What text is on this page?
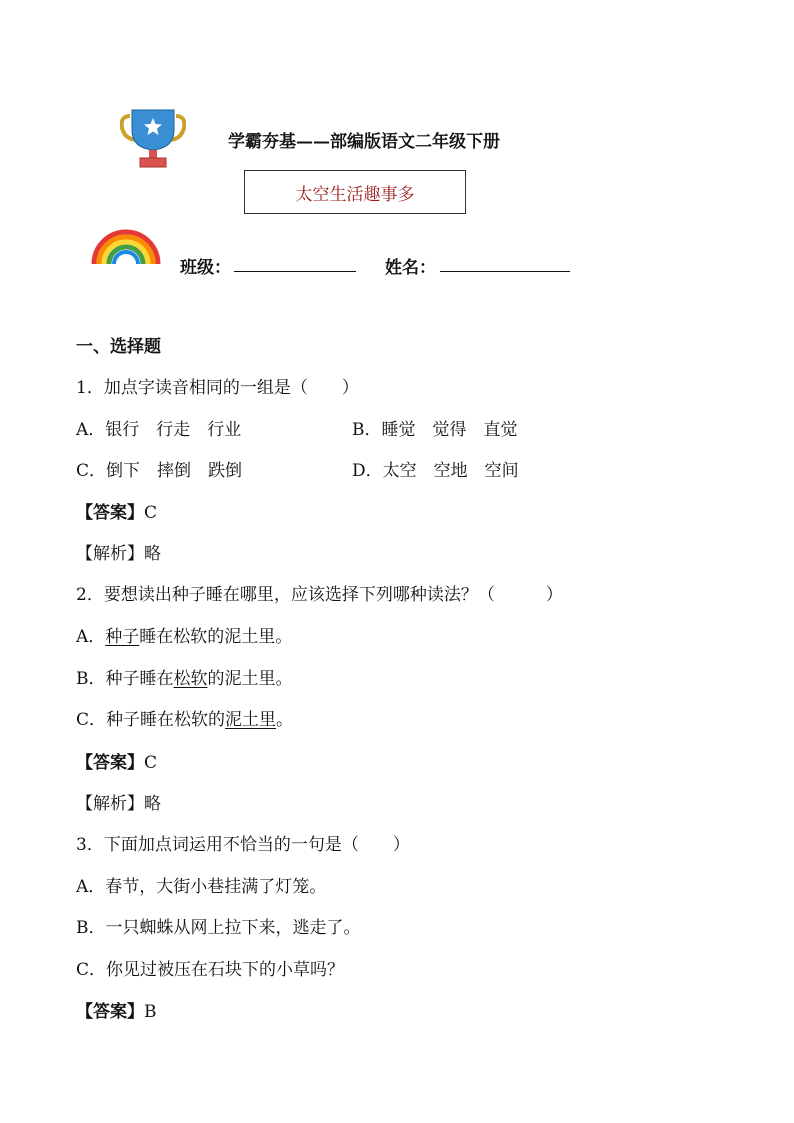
学霸夯基——部编版语文二年级下册
太空生活趣事多
班级：	姓名：
一、选择题
1．加点字读音相同的一组是（　　）
A．银行　行走　行业	B．睡觉　觉得　直觉
C．倒下　摔倒　跌倒	D．太空　空地　空间
【答案】C
【解析】略
2．要想读出种子睡在哪里，应该选择下列哪种读法？（　　　）
A．种子睡在松软的泥土里。
B．种子睡在松软的泥土里。
C．种子睡在松软的泥土里。
【答案】C
【解析】略
3．下面加点词运用不恰当的一句是（　　）
A．春节，大街小巷挂满了灯笼。
B．一只蜘蛛从网上拉下来，逃走了。
C．你见过被压在石块下的小草吗？
【答案】B
